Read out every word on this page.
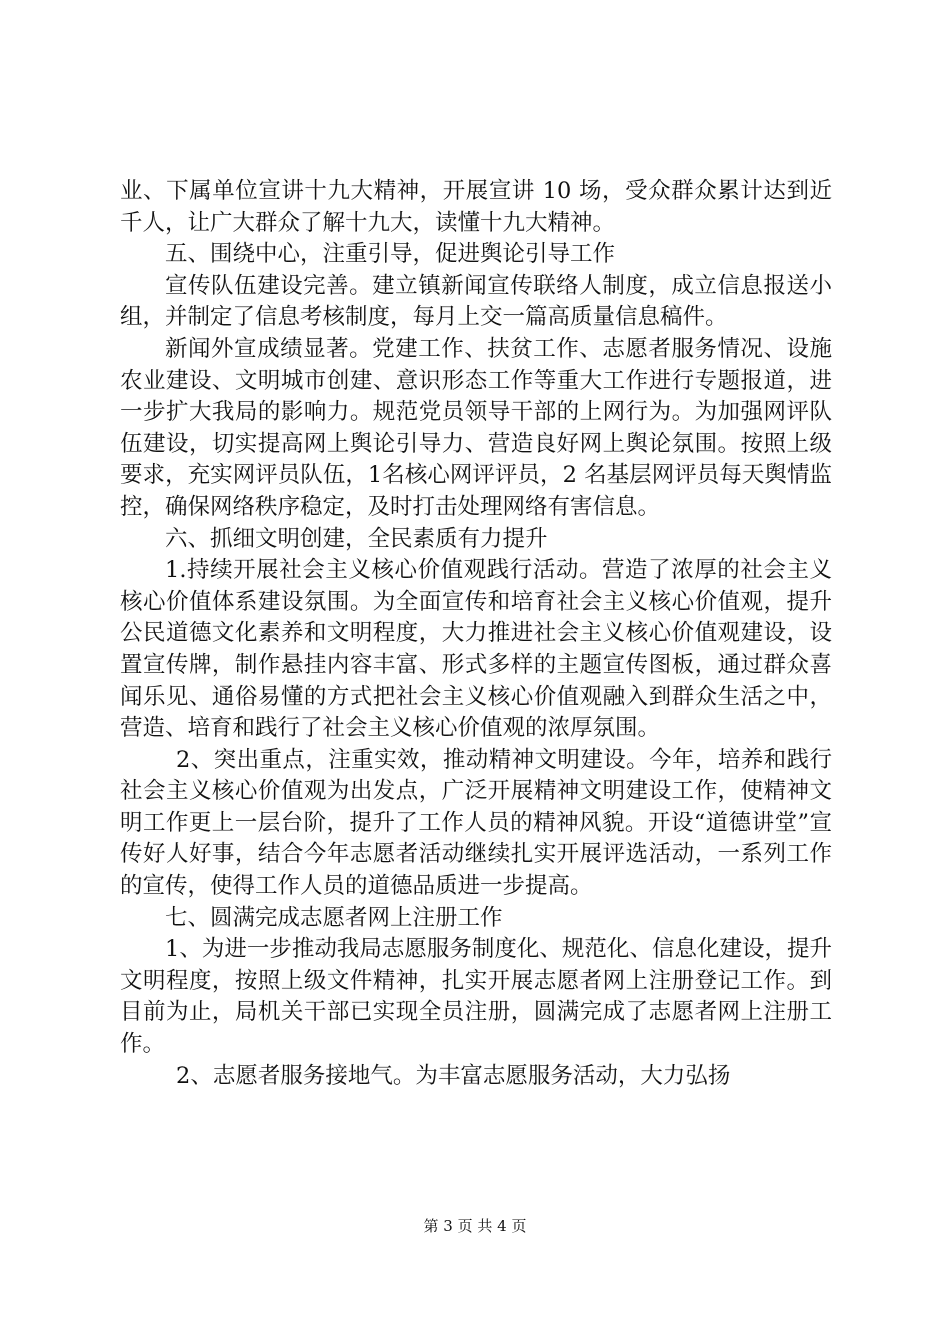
业、下属单位宣讲十九大精神，开展宣讲 10 场，受众群众累计达到近千人，让广大群众了解十九大，读懂十九大精神。

五、围绕中心，注重引导，促进舆论引导工作

宣传队伍建设完善。建立镇新闻宣传联络人制度，成立信息报送小组，并制定了信息考核制度，每月上交一篇高质量信息稿件。

新闻外宣成绩显著。党建工作、扶贫工作、志愿者服务情况、设施农业建设、文明城市创建、意识形态工作等重大工作进行专题报道，进一步扩大我局的影响力。规范党员领导干部的上网行为。为加强网评队伍建设，切实提高网上舆论引导力、营造良好网上舆论氛围。按照上级要求，充实网评员队伍，1名核心网评评员，2 名基层网评员每天舆情监控，确保网络秩序稳定，及时打击处理网络有害信息。

六、抓细文明创建，全民素质有力提升

1.持续开展社会主义核心价值观践行活动。营造了浓厚的社会主义核心价值体系建设氛围。为全面宣传和培育社会主义核心价值观，提升公民道德文化素养和文明程度，大力推进社会主义核心价值观建设，设置宣传牌，制作悬挂内容丰富、形式多样的主题宣传图板，通过群众喜闻乐见、通俗易懂的方式把社会主义核心价值观融入到群众生活之中，营造、培育和践行了社会主义核心价值观的浓厚氛围。

2、突出重点，注重实效，推动精神文明建设。今年，培养和践行社会主义核心价值观为出发点，广泛开展精神文明建设工作，使精神文明工作更上一层台阶，提升了工作人员的精神风貌。开设“道德讲堂”宣传好人好事，结合今年志愿者活动继续扎实开展评选活动，一系列工作的宣传，使得工作人员的道德品质进一步提高。

七、圆满完成志愿者网上注册工作

1、为进一步推动我局志愿服务制度化、规范化、信息化建设，提升文明程度，按照上级文件精神，扎实开展志愿者网上注册登记工作。到目前为止，局机关干部已实现全员注册，圆满完成了志愿者网上注册工作。

2、志愿者服务接地气。为丰富志愿服务活动，大力弘扬

第 3 页 共 4 页
